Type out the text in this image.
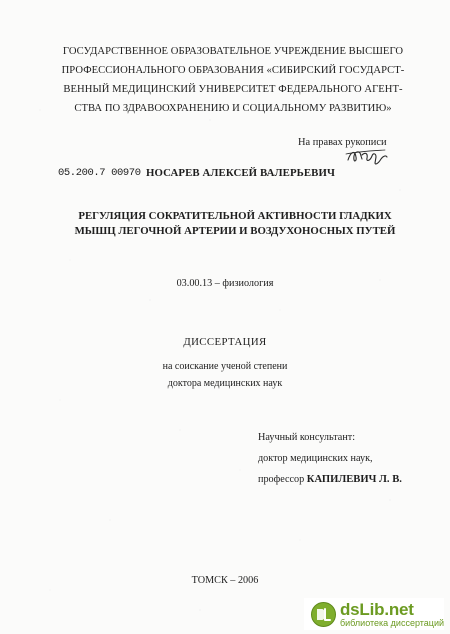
ГОСУДАРСТВЕННОЕ ОБРАЗОВАТЕЛЬНОЕ УЧРЕЖДЕНИЕ ВЫСШЕГО
ПРОФЕССИОНАЛЬНОГО ОБРАЗОВАНИЯ «СИБИРСКИЙ ГОСУДАРСТ-
ВЕННЫЙ МЕДИЦИНСКИЙ УНИВЕРСИТЕТ ФЕДЕРАЛЬНОГО АГЕНТ-
СТВА ПО ЗДРАВООХРАНЕНИЮ И СОЦИАЛЬНОМУ РАЗВИТИЮ»
На правах рукописи
05.200.7 00970 НОСАРЕВ АЛЕКСЕЙ ВАЛЕРЬЕВИЧ
РЕГУЛЯЦИЯ СОКРАТИТЕЛЬНОЙ АКТИВНОСТИ ГЛАДКИХ
МЫШЦ ЛЕГОЧНОЙ АРТЕРИИ И ВОЗДУХОНОСНЫХ ПУТЕЙ
03.00.13 – физиология
ДИССЕРТАЦИЯ
на соискание ученой степени
доктора медицинских наук
Научный консультант:
доктор медицинских наук,
профессор КАПИЛЕВИЧ Л. В.
ТОМСК – 2006
dsLib.net
библиотека диссертаций
